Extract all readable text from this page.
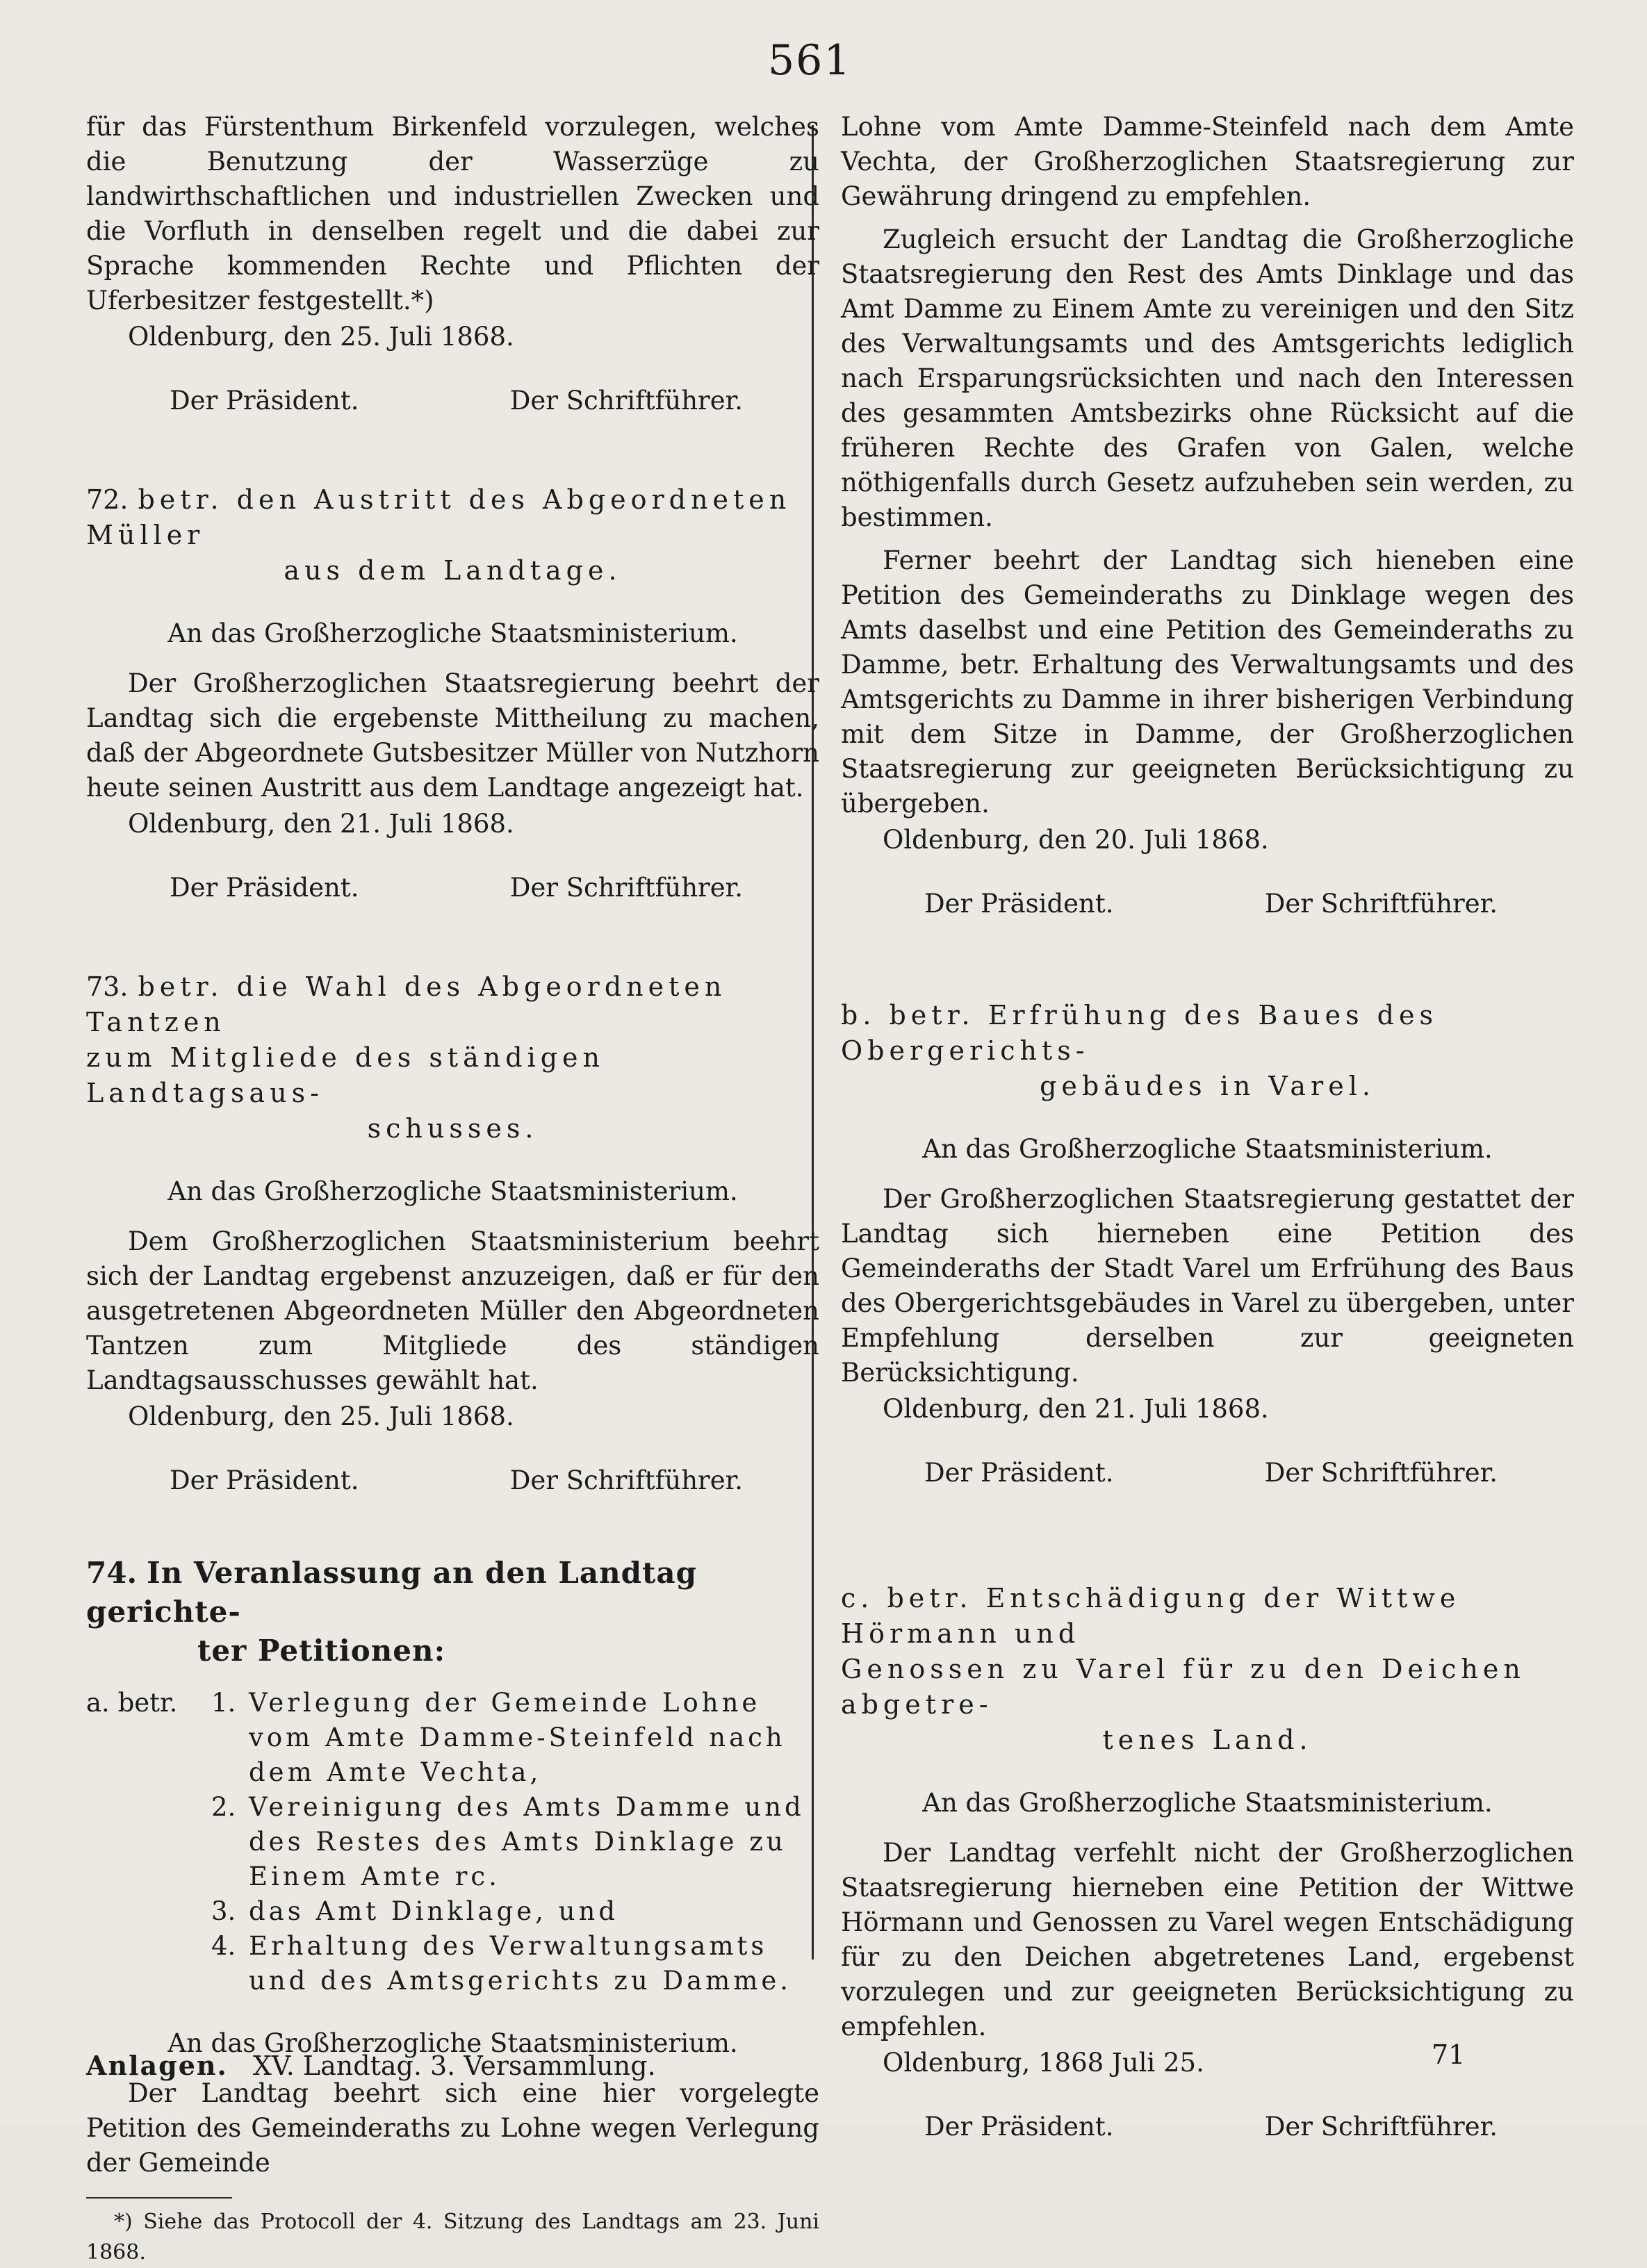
561

für das Fürstenthum Birkenfeld vorzulegen, welches die Benutzung der Wasserzüge zu landwirthschaftlichen und industriellen Zwecken und die Vorfluth in denselben regelt und die dabei zur Sprache kommenden Rechte und Pflichten der Uferbesitzer festgestellt.*)

Oldenburg, den 25. Juli 1868.
Der Präsident.	Der Schriftführer.
72. betr. den Austritt des Abgeordneten Müller
aus dem Landtage.
An das Großherzogliche Staatsministerium.

Der Großherzoglichen Staatsregierung beehrt der Landtag sich die ergebenste Mittheilung zu machen, daß der Abgeordnete Gutsbesitzer Müller von Nutzhorn heute seinen Austritt aus dem Landtage angezeigt hat.

Oldenburg, den 21. Juli 1868.
Der Präsident.	Der Schriftführer.
73. betr. die Wahl des Abgeordneten Tantzen
zum Mitgliede des ständigen Landtagsaus-
schusses.
An das Großherzogliche Staatsministerium.

Dem Großherzoglichen Staatsministerium beehrt sich der Landtag ergebenst anzuzeigen, daß er für den ausgetretenen Abgeordneten Müller den Abgeordneten Tantzen zum Mitgliede des ständigen Landtagsausschusses gewählt hat.

Oldenburg, den 25. Juli 1868.
Der Präsident.	Der Schriftführer.
74. In Veranlassung an den Landtag gerichte-
ter Petitionen:
a. betr.	1. Verlegung der Gemeinde Lohne vom Amte Damme-Steinfeld nach dem Amte Vechta,
2. Vereinigung des Amts Damme und des Restes des Amts Dinklage zu Einem Amte rc.
3. das Amt Dinklage, und
4. Erhaltung des Verwaltungsamts und des Amtsgerichts zu Damme.
An das Großherzogliche Staatsministerium.

Der Landtag beehrt sich eine hier vorgelegte Petition des Gemeinderaths zu Lohne wegen Verlegung der Gemeinde

*) Siehe das Protocoll der 4. Sitzung des Landtags am 23. Juni 1868.

Lohne vom Amte Damme-Steinfeld nach dem Amte Vechta, der Großherzoglichen Staatsregierung zur Gewährung dringend zu empfehlen.

Zugleich ersucht der Landtag die Großherzogliche Staatsregierung den Rest des Amts Dinklage und das Amt Damme zu Einem Amte zu vereinigen und den Sitz des Verwaltungsamts und des Amtsgerichts lediglich nach Ersparungsrücksichten und nach den Interessen des gesammten Amtsbezirks ohne Rücksicht auf die früheren Rechte des Grafen von Galen, welche nöthigenfalls durch Gesetz aufzuheben sein werden, zu bestimmen.

Ferner beehrt der Landtag sich hieneben eine Petition des Gemeinderaths zu Dinklage wegen des Amts daselbst und eine Petition des Gemeinderaths zu Damme, betr. Erhaltung des Verwaltungsamts und des Amtsgerichts zu Damme in ihrer bisherigen Verbindung mit dem Sitze in Damme, der Großherzoglichen Staatsregierung zur geeigneten Berücksichtigung zu übergeben.

Oldenburg, den 20. Juli 1868.
Der Präsident.	Der Schriftführer.
b. betr. Erfrühung des Baues des Obergerichts-
gebäudes in Varel.
An das Großherzogliche Staatsministerium.

Der Großherzoglichen Staatsregierung gestattet der Landtag sich hierneben eine Petition des Gemeinderaths der Stadt Varel um Erfrühung des Baus des Obergerichtsgebäudes in Varel zu übergeben, unter Empfehlung derselben zur geeigneten Berücksichtigung.

Oldenburg, den 21. Juli 1868.
Der Präsident.	Der Schriftführer.
c. betr. Entschädigung der Wittwe Hörmann und
Genossen zu Varel für zu den Deichen abgetre-
tenes Land.
An das Großherzogliche Staatsministerium.

Der Landtag verfehlt nicht der Großherzoglichen Staatsregierung hierneben eine Petition der Wittwe Hörmann und Genossen zu Varel wegen Entschädigung für zu den Deichen abgetretenes Land, ergebenst vorzulegen und zur geeigneten Berücksichtigung zu empfehlen.

Oldenburg, 1868 Juli 25.
Der Präsident.	Der Schriftführer.
Anlagen. XV. Landtag. 3. Versammlung.	71
